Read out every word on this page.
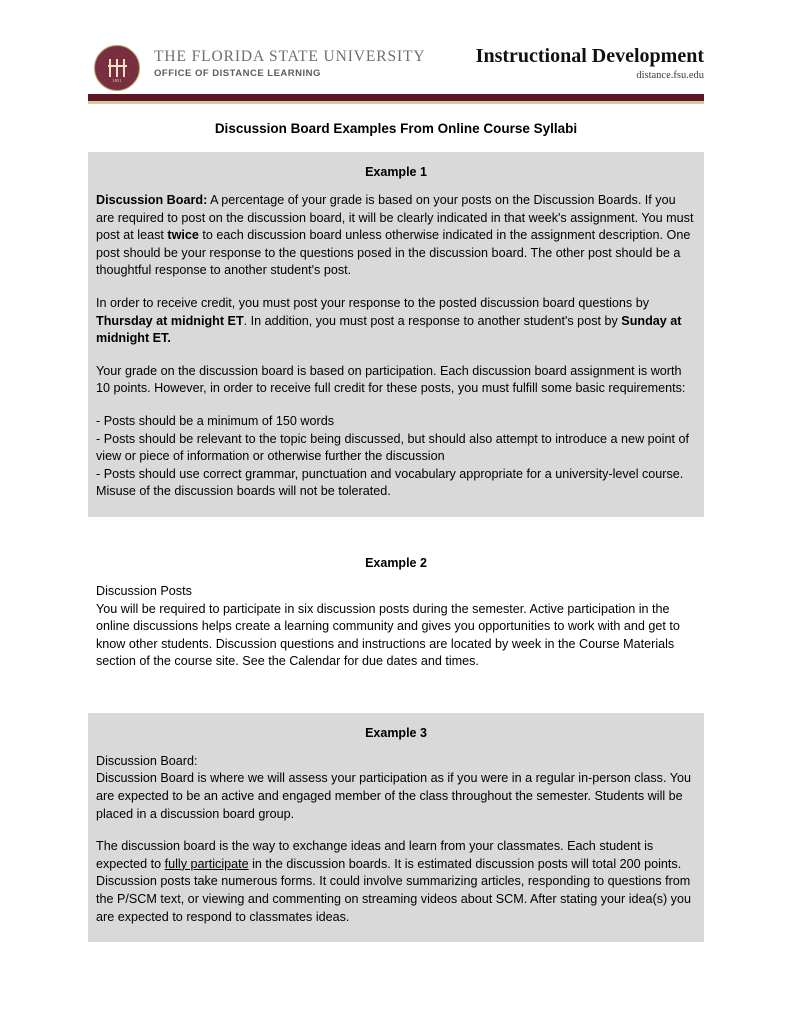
1851
THE FLORIDA STATE UNIVERSITY
OFFICE OF DISTANCE LEARNING
Instructional Development
distance.fsu.edu
Discussion Board Examples From Online Course Syllabi
Example 1

Discussion Board: A percentage of your grade is based on your posts on the Discussion Boards. If you are required to post on the discussion board, it will be clearly indicated in that week's assignment. You must post at least twice to each discussion board unless otherwise indicated in the assignment description. One post should be your response to the questions posed in the discussion board. The other post should be a thoughtful response to another student's post.

In order to receive credit, you must post your response to the posted discussion board questions by Thursday at midnight ET. In addition, you must post a response to another student's post by Sunday at midnight ET.

Your grade on the discussion board is based on participation. Each discussion board assignment is worth 10 points. However, in order to receive full credit for these posts, you must fulfill some basic requirements:

- Posts should be a minimum of 150 words
- Posts should be relevant to the topic being discussed, but should also attempt to introduce a new point of view or piece of information or otherwise further the discussion
- Posts should use correct grammar, punctuation and vocabulary appropriate for a university-level course. Misuse of the discussion boards will not be tolerated.

Example 2

Discussion Posts
You will be required to participate in six discussion posts during the semester. Active participation in the online discussions helps create a learning community and gives you opportunities to work with and get to know other students. Discussion questions and instructions are located by week in the Course Materials section of the course site. See the Calendar for due dates and times.

Example 3

Discussion Board:
Discussion Board is where we will assess your participation as if you were in a regular in-person class. You are expected to be an active and engaged member of the class throughout the semester. Students will be placed in a discussion board group.

The discussion board is the way to exchange ideas and learn from your classmates. Each student is expected to fully participate in the discussion boards. It is estimated discussion posts will total 200 points. Discussion posts take numerous forms. It could involve summarizing articles, responding to questions from the P/SCM text, or viewing and commenting on streaming videos about SCM. After stating your idea(s) you are expected to respond to classmates ideas.
